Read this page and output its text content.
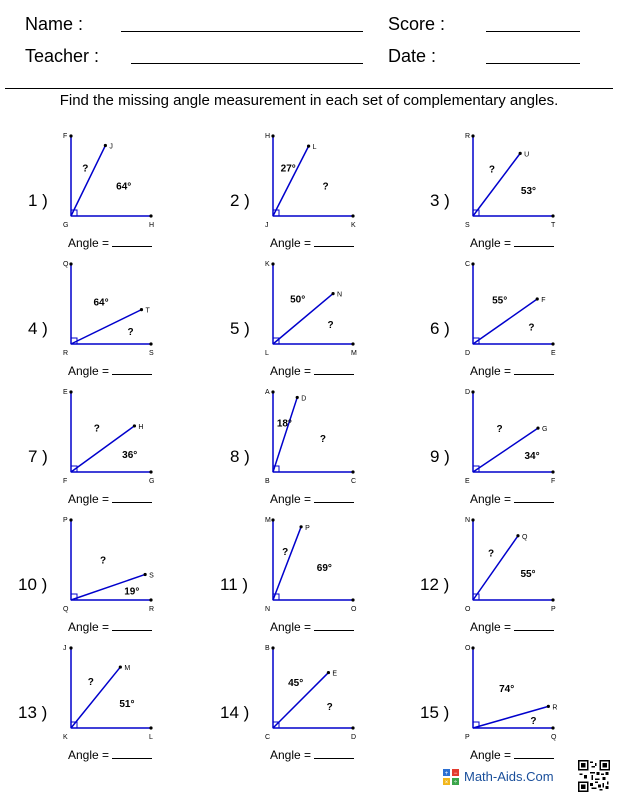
Name :	Score :
Teacher :	Date :
Find the missing angle measurement in each set of complementary angles.
1 )
F
J
G	H
64°
?
Angle =
2 )
H
L
J	K
27°
?
Angle =
3 )
R
U
S	T
53°
?
Angle =
4 )
Q
T
R	S
64°
?
Angle =
5 )
K
N
L	M
50°
?
Angle =
6 )
C
F
D	E
55°
?
Angle =
7 )
E
H
F	G
36°
?
Angle =
8 )
A
D
B	C
18°
?
Angle =
9 )
D
G
E	F
34°
?
Angle =
10 )
P
S
Q	R
19°
?
Angle =
11 )
M
P
N	O
69°
?
Angle =
12 )
N
Q
O	P
55°
?
Angle =
13 )
J
M
K	L
51°
?
Angle =
14 )
B
E
C	D
45°
?
Angle =
15 )
O
R
P	Q
74°
?
Angle =
+ −
× ÷ Math-Aids.Com
